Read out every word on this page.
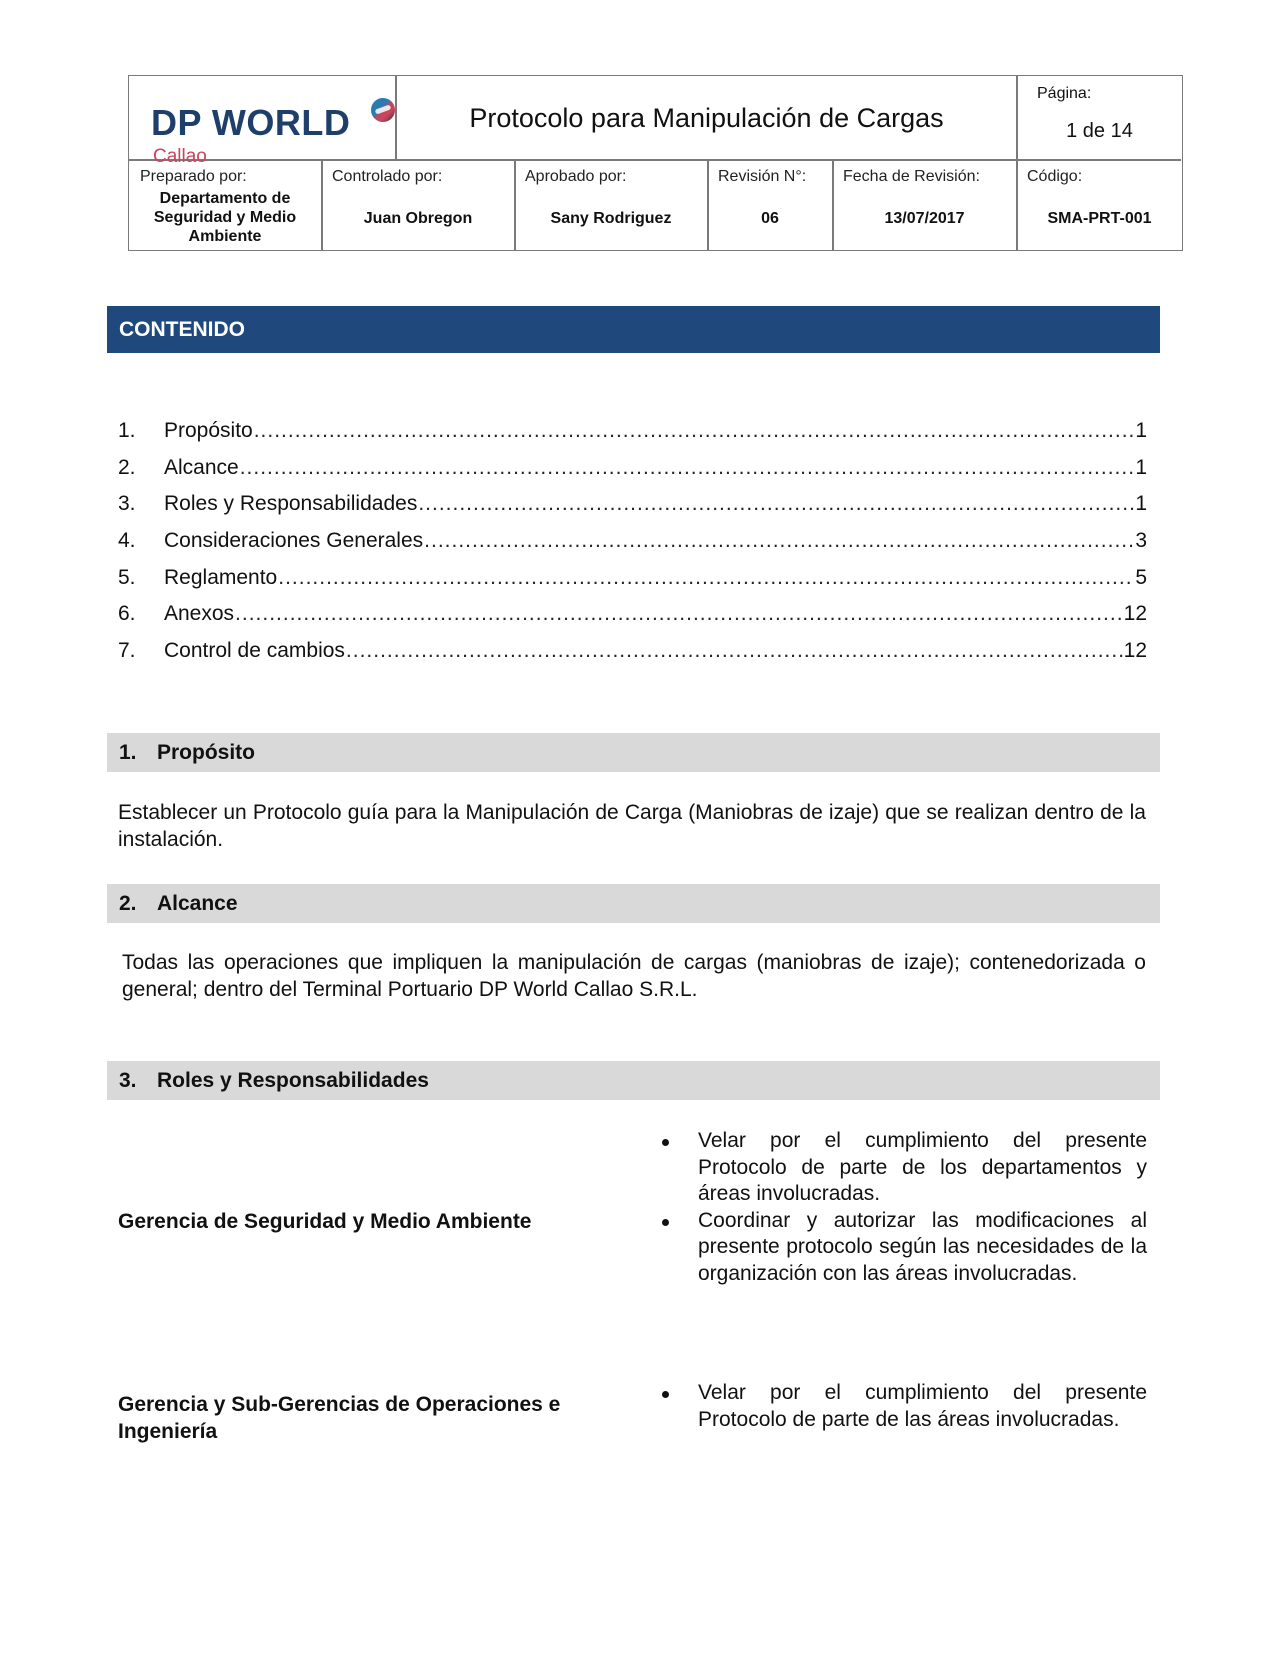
DP WORLD
Callao
Protocolo para Manipulación de Cargas
Página:
1 de 14
Preparado por:
Departamento de Seguridad y Medio Ambiente
Controlado por:
Juan Obregon
Aprobado por:
Sany Rodriguez
Revisión N°:
06
Fecha de Revisión:
13/07/2017
Código:
SMA-PRT-001
CONTENIDO
1.	Propósito .....	1
2.	Alcance .....	1
3.	Roles y Responsabilidades .....	1
4.	Consideraciones Generales .....	3
5.	Reglamento .....	5
6.	Anexos .....	12
7.	Control de cambios .....	12
1. Propósito
Establecer un Protocolo guía para la Manipulación de Carga (Maniobras de izaje) que se realizan dentro de la instalación.
2. Alcance
Todas las operaciones que impliquen la manipulación de cargas (maniobras de izaje); contenedorizada o general; dentro del Terminal Portuario DP World Callao S.R.L.
3. Roles y Responsabilidades
Gerencia de Seguridad y Medio Ambiente
Velar por el cumplimiento del presente Protocolo de parte de los departamentos y áreas involucradas.
Coordinar y autorizar las modificaciones al presente protocolo según las necesidades de la organización con las áreas involucradas.
Gerencia y Sub-Gerencias de Operaciones e Ingeniería
Velar por el cumplimiento del presente Protocolo de parte de las áreas involucradas.
